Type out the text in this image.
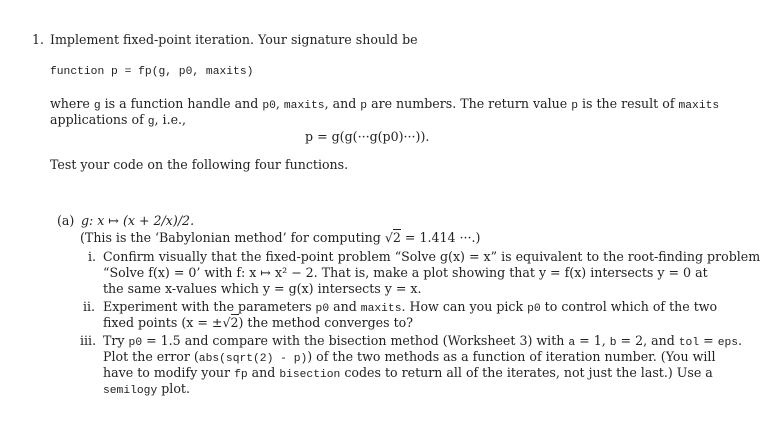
1. Implement fixed-point iteration. Your signature should be
function p = fp(g, p0, maxits)
where g is a function handle and p0, maxits, and p are numbers. The return value p is the result of maxits
applications of g, i.e.,
p = g(g(···g(p0)···)).
Test your code on the following four functions.
(a) g: x ↦ (x + 2/x)/2.
(This is the ‘Babylonian method’ for computing √2 = 1.414 ···.)
i. Confirm visually that the fixed-point problem “Solve g(x) = x” is equivalent to the root-finding problem
“Solve f(x) = 0’ with f: x ↦ x² − 2. That is, make a plot showing that y = f(x) intersects y = 0 at
the same x-values which y = g(x) intersects y = x.
ii. Experiment with the parameters p0 and maxits. How can you pick p0 to control which of the two
fixed points (x = ±√2) the method converges to?
iii. Try p0 = 1.5 and compare with the bisection method (Worksheet 3) with a = 1, b = 2, and tol = eps.
Plot the error (abs(sqrt(2) - p)) of the two methods as a function of iteration number. (You will
have to modify your fp and bisection codes to return all of the iterates, not just the last.) Use a
semilogy plot.
